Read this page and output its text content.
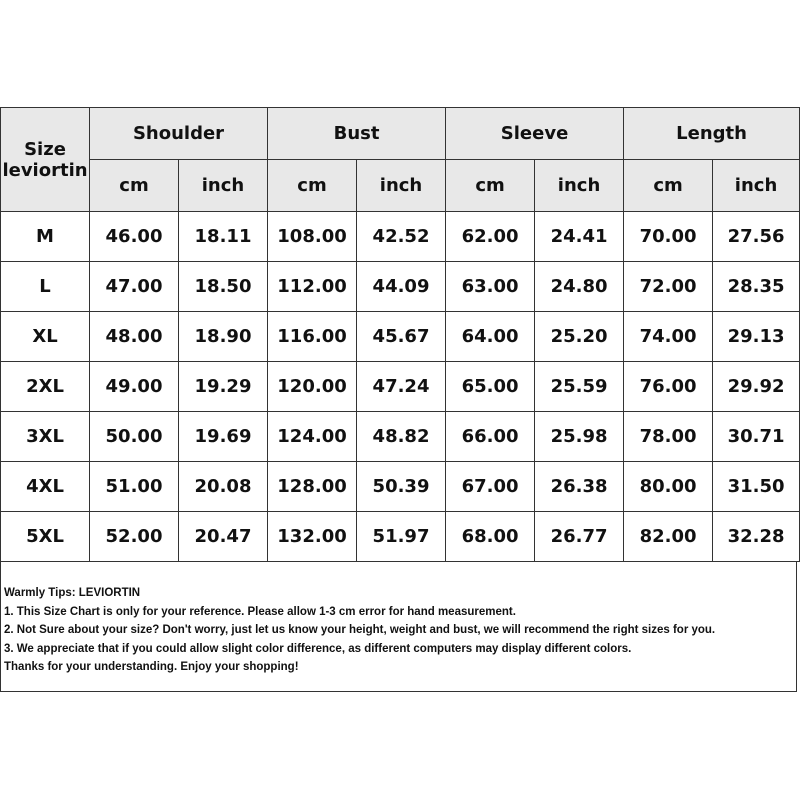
Size
leviortin	Shoulder		Bust		Sleeve		Length	
	cm	inch	cm	inch	cm	inch	cm	inch
M	46.00	18.11	108.00	42.52	62.00	24.41	70.00	27.56
L	47.00	18.50	112.00	44.09	63.00	24.80	72.00	28.35
XL	48.00	18.90	116.00	45.67	64.00	25.20	74.00	29.13
2XL	49.00	19.29	120.00	47.24	65.00	25.59	76.00	29.92
3XL	50.00	19.69	124.00	48.82	66.00	25.98	78.00	30.71
4XL	51.00	20.08	128.00	50.39	67.00	26.38	80.00	31.50
5XL	52.00	20.47	132.00	51.97	68.00	26.77	82.00	32.28
Warmly Tips: LEVIORTIN
1. This Size Chart is only for your reference. Please allow 1-3 cm error for hand measurement.
2. Not Sure about your size? Don't worry, just let us know your height, weight and bust, we will recommend the right sizes for you.
3. We appreciate that if you could allow slight color difference, as different computers may display different colors.
Thanks for your understanding. Enjoy your shopping!
